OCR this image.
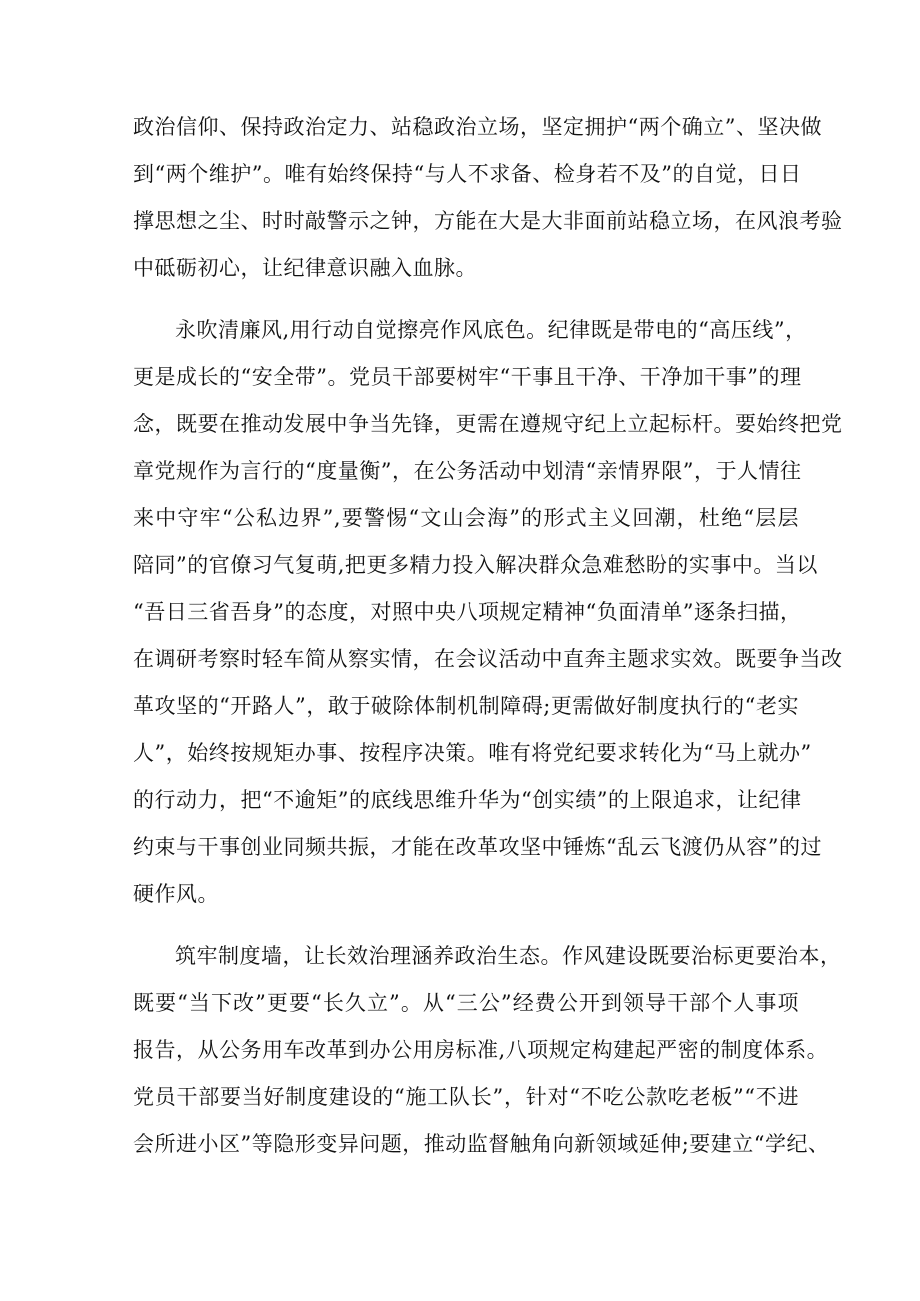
政治信仰、保持政治定力、站稳政治立场，坚定拥护“两个确立”、坚决做
到“两个维护”。唯有始终保持“与人不求备、检身若不及”的自觉，日日
撑思想之尘、时时敲警示之钟，方能在大是大非面前站稳立场，在风浪考验
中砥砺初心，让纪律意识融入血脉。
永吹清廉风,用行动自觉擦亮作风底色。纪律既是带电的“高压线”，
更是成长的“安全带”。党员干部要树牢“干事且干净、干净加干事”的理
念，既要在推动发展中争当先锋，更需在遵规守纪上立起标杆。要始终把党
章党规作为言行的“度量衡”，在公务活动中划清“亲情界限”，于人情往
来中守牢“公私边界”,要警惕“文山会海”的形式主义回潮，杜绝“层层
陪同”的官僚习气复萌,把更多精力投入解决群众急难愁盼的实事中。当以
“吾日三省吾身”的态度，对照中央八项规定精神“负面清单”逐条扫描，
在调研考察时轻车简从察实情，在会议活动中直奔主题求实效。既要争当改
革攻坚的“开路人”，敢于破除体制机制障碍;更需做好制度执行的“老实
人”，始终按规矩办事、按程序决策。唯有将党纪要求转化为“马上就办”
的行动力，把“不逾矩”的底线思维升华为“创实绩”的上限追求，让纪律
约束与干事创业同频共振，才能在改革攻坚中锤炼“乱云飞渡仍从容”的过
硬作风。
筑牢制度墙，让长效治理涵养政治生态。作风建设既要治标更要治本，
既要“当下改”更要“长久立”。从“三公”经费公开到领导干部个人事项
报告，从公务用车改革到办公用房标准,八项规定构建起严密的制度体系。
党员干部要当好制度建设的“施工队长”，针对“不吃公款吃老板”“不进
会所进小区”等隐形变异问题，推动监督触角向新领域延伸;要建立“学纪、
